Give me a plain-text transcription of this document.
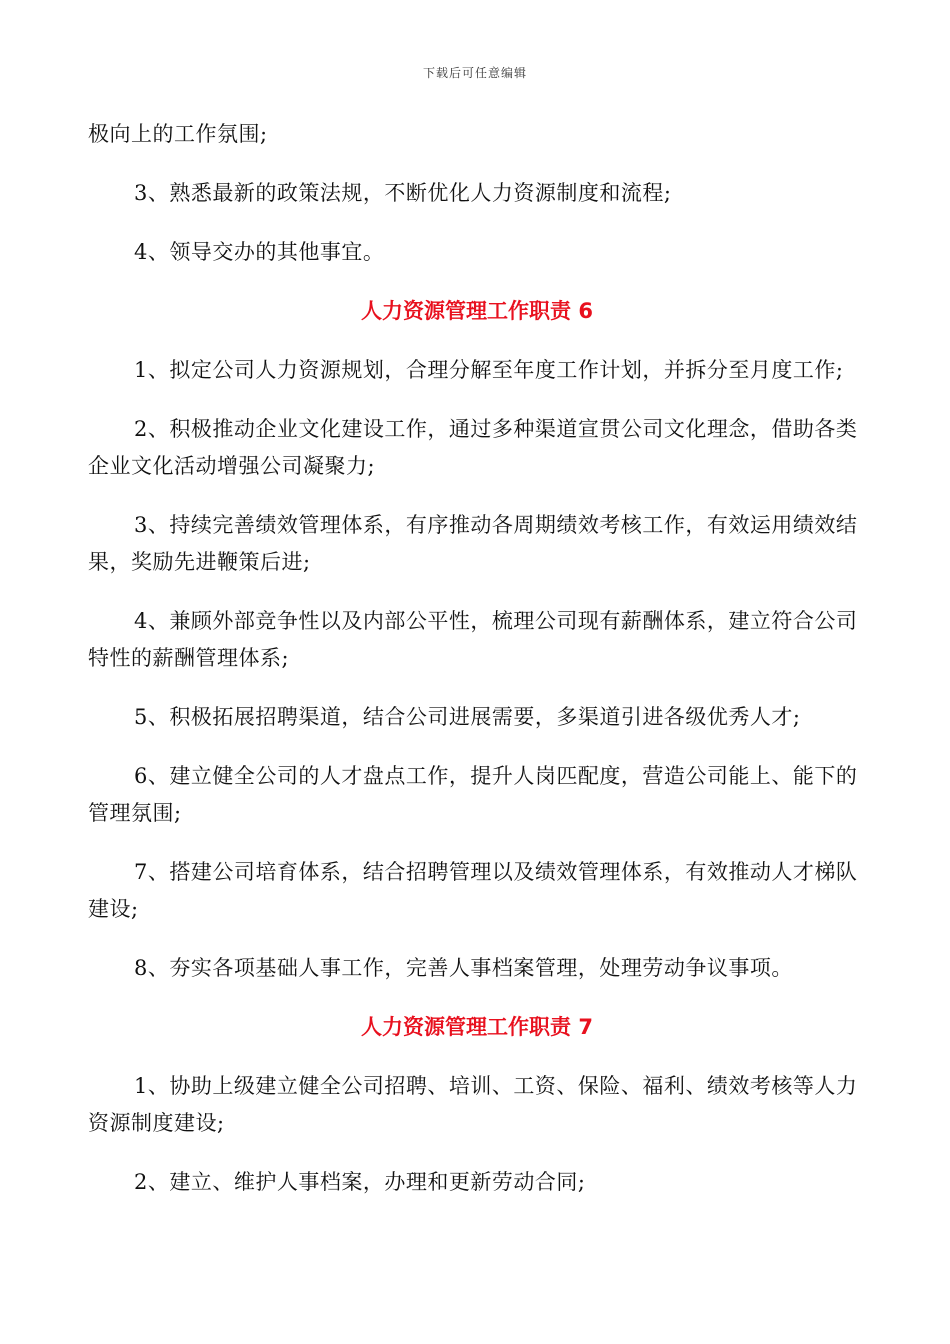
下载后可任意编辑

极向上的工作氛围;

3、熟悉最新的政策法规，不断优化人力资源制度和流程;

4、领导交办的其他事宜。

人力资源管理工作职责 6

1、拟定公司人力资源规划，合理分解至年度工作计划，并拆分至月度工作;

2、积极推动企业文化建设工作，通过多种渠道宣贯公司文化理念，借助各类企业文化活动增强公司凝聚力;

3、持续完善绩效管理体系，有序推动各周期绩效考核工作，有效运用绩效结果，奖励先进鞭策后进;

4、兼顾外部竞争性以及内部公平性，梳理公司现有薪酬体系，建立符合公司特性的薪酬管理体系;

5、积极拓展招聘渠道，结合公司进展需要，多渠道引进各级优秀人才;

6、建立健全公司的人才盘点工作，提升人岗匹配度，营造公司能上、能下的管理氛围;

7、搭建公司培育体系，结合招聘管理以及绩效管理体系，有效推动人才梯队建设;

8、夯实各项基础人事工作，完善人事档案管理，处理劳动争议事项。

人力资源管理工作职责 7

1、协助上级建立健全公司招聘、培训、工资、保险、福利、绩效考核等人力资源制度建设;

2、建立、维护人事档案，办理和更新劳动合同;
